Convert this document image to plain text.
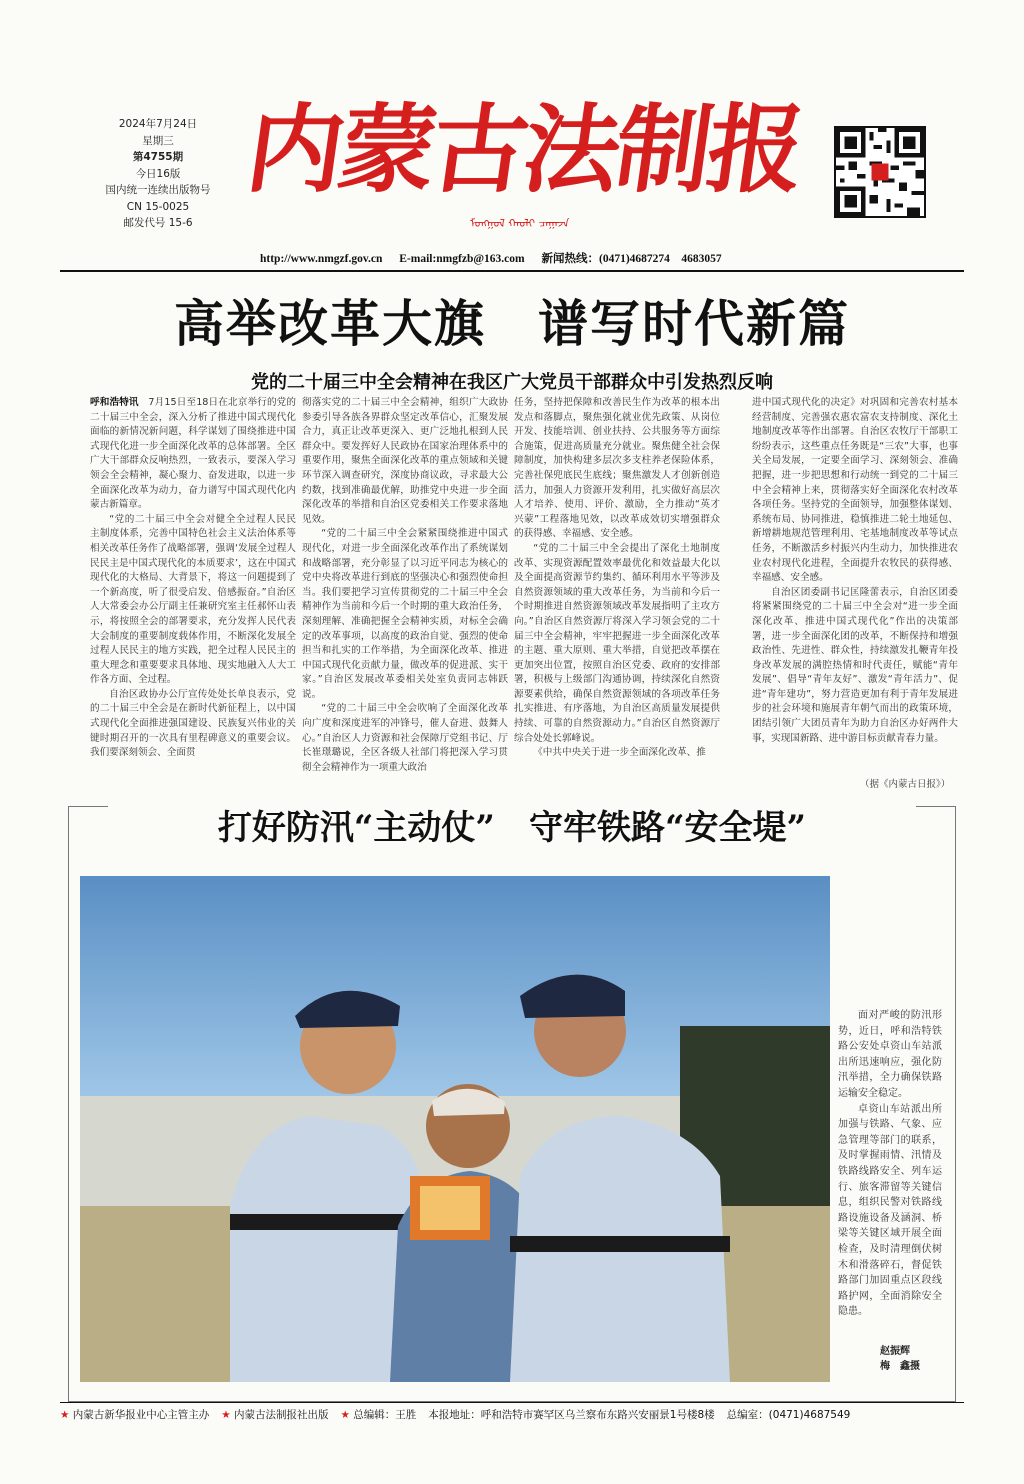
2024年7月24日
星期三
第4755期
今日16版
国内统一连续出版物号
CN 15-0025
邮发代号 15-6
内蒙古法制报
ᠮᠣᠩᠭᠣᠯ ᠬᠠᠤᠯᠢ ᠴᠠᠭᠠᠵᠠ
http://www.nmgzf.gov.cn E-mail:nmgfzb@163.com 新闻热线：(0471)4687274　4683057
高举改革大旗　谱写时代新篇
党的二十届三中全会精神在我区广大党员干部群众中引发热烈反响

呼和浩特讯　 7月15日至18日在北京举行的党的二十届三中全会，深入分析了推进中国式现代化面临的新情况新问题，科学谋划了围绕推进中国式现代化进一步全面深化改革的总体部署。全区广大干部群众反响热烈，一致表示，要深入学习领会全会精神，凝心聚力、奋发进取，以进一步全面深化改革为动力，奋力谱写中国式现代化内蒙古新篇章。

“党的二十届三中全会对健全全过程人民民主制度体系，完善中国特色社会主义法治体系等相关改革任务作了战略部署，强调‘发展全过程人民民主是中国式现代化的本质要求’，这在中国式现代化的大格局、大背景下，将这一问题提到了一个新高度，听了很受启发、倍感振奋。”自治区人大常委会办公厅副主任兼研究室主任郝怀山表示，将按照全会的部署要求，充分发挥人民代表大会制度的重要制度载体作用，不断深化发展全过程人民民主的地方实践，把全过程人民民主的重大理念和重要要求具体地、现实地融入人大工作各方面、全过程。

自治区政协办公厅宣传处处长单良表示，党的二十届三中全会是在新时代新征程上，以中国式现代化全面推进强国建设、民族复兴伟业的关键时期召开的一次具有里程碑意义的重要会议。我们要深刻领会、全面贯

彻落实党的二十届三中全会精神，组织广大政协参委引导各族各界群众坚定改革信心，汇聚发展合力，真正让改革更深入、更广泛地扎根到人民群众中。要发挥好人民政协在国家治理体系中的重要作用，聚焦全面深化改革的重点领域和关键环节深入调查研究，深度协商议政，寻求最大公约数，找到准确最优解，助推党中央进一步全面深化改革的举措和自治区党委相关工作要求落地见效。

“党的二十届三中全会紧紧围绕推进中国式现代化，对进一步全面深化改革作出了系统谋划和战略部署，充分彰显了以习近平同志为核心的党中央将改革进行到底的坚强决心和强烈使命担当。我们要把学习宣传贯彻党的二十届三中全会精神作为当前和今后一个时期的重大政治任务，深刻理解、准确把握全会精神实质，对标全会确定的改革事项，以高度的政治自觉、强烈的使命担当和扎实的工作举措，为全面深化改革、推进中国式现代化贡献力量，做改革的促进派、实干家。”自治区发展改革委相关处室负责同志韩跃说。

“党的二十届三中全会吹响了全面深化改革向广度和深度进军的冲锋号，催人奋进、鼓舞人心。”自治区人力资源和社会保障厅党组书记、厅长崔璟璐说，全区各级人社部门将把深入学习贯彻全会精神作为一项重大政治

任务，坚持把保障和改善民生作为改革的根本出发点和落脚点，聚焦强化就业优先政策、从岗位开发、技能培训、创业扶持、公共服务等方面综合施策，促进高质量充分就业。聚焦健全社会保障制度，加快构建多层次多支柱养老保险体系，完善社保兜底民生底线；聚焦激发人才创新创造活力，加强人力资源开发利用，扎实做好高层次人才培养、使用、评价、激励，全力推动“英才兴蒙”工程落地见效，以改革成效切实增强群众的获得感、幸福感、安全感。

“党的二十届三中全会提出了深化土地制度改革、实现资源配置效率最优化和效益最大化以及全面提高资源节约集约、循环利用水平等涉及自然资源领域的重大改革任务，为当前和今后一个时期推进自然资源领域改革发展指明了主攻方向。”自治区自然资源厅将深入学习领会党的二十届三中全会精神，牢牢把握进一步全面深化改革的主题、重大原则、重大举措，自觉把改革摆在更加突出位置，按照自治区党委、政府的安排部署，积极与上级部门沟通协调，持续深化自然资源要素供给，确保自然资源领域的各项改革任务扎实推进、有序落地，为自治区高质量发展提供持续、可靠的自然资源动力。”自治区自然资源厅综合处处长郭峰说。

《中共中央关于进一步全面深化改革、推

进中国式现代化的决定》对巩固和完善农村基本经营制度、完善强农惠农富农支持制度、深化土地制度改革等作出部署。自治区农牧厅干部职工纷纷表示，这些重点任务既是“三农”大事，也事关全局发展，一定要全面学习、深刻领会、准确把握，进一步把思想和行动统一到党的二十届三中全会精神上来，贯彻落实好全面深化农村改革各项任务。坚持党的全面领导，加强整体谋划、系统布局、协同推进，稳慎推进二轮土地延包、新增耕地规范管理利用、宅基地制度改革等试点任务，不断激活乡村振兴内生动力，加快推进农业农村现代化进程，全面提升农牧民的获得感、幸福感、安全感。

自治区团委副书记匡隆蕾表示，自治区团委将紧紧围绕党的二十届三中全会对“进一步全面深化改革、推进中国式现代化”作出的决策部署，进一步全面深化团的改革，不断保持和增强政治性、先进性、群众性，持续激发扎鞭青年投身改革发展的满腔热情和时代责任，赋能“青年发展”、倡导“青年友好”、激发“青年活力”、促进“青年建功”，努力营造更加有利于青年发展进步的社会环境和施展青年朝气而出的政策环境，团结引领广大团员青年为助力自治区办好两件大事，实现国新路、进中游目标贡献青春力量。

（据《内蒙古日报》）
打好防汛“主动仗”　守牢铁路“安全堤”

面对严峻的防汛形势，近日，呼和浩特铁路公安处卓资山车站派出所迅速响应，强化防汛举措，全力确保铁路运输安全稳定。

卓资山车站派出所加强与铁路、气象、应急管理等部门的联系，及时掌握雨情、汛情及铁路线路安全、列车运行、旅客滞留等关键信息，组织民警对铁路线路设施设备及涵洞、桥梁等关键区域开展全面检查，及时清理倒伏树木和滑落碎石，督促铁路部门加固重点区段线路护网，全面消除安全隐患。

赵振辉
梅　鑫摄
★ 内蒙古新华报业中心主管主办 ★ 内蒙古法制报社出版 ★ 总编辑：王胜 本报地址：呼和浩特市赛罕区乌兰察布东路兴安丽景1号楼8楼 总编室：(0471)4687549
